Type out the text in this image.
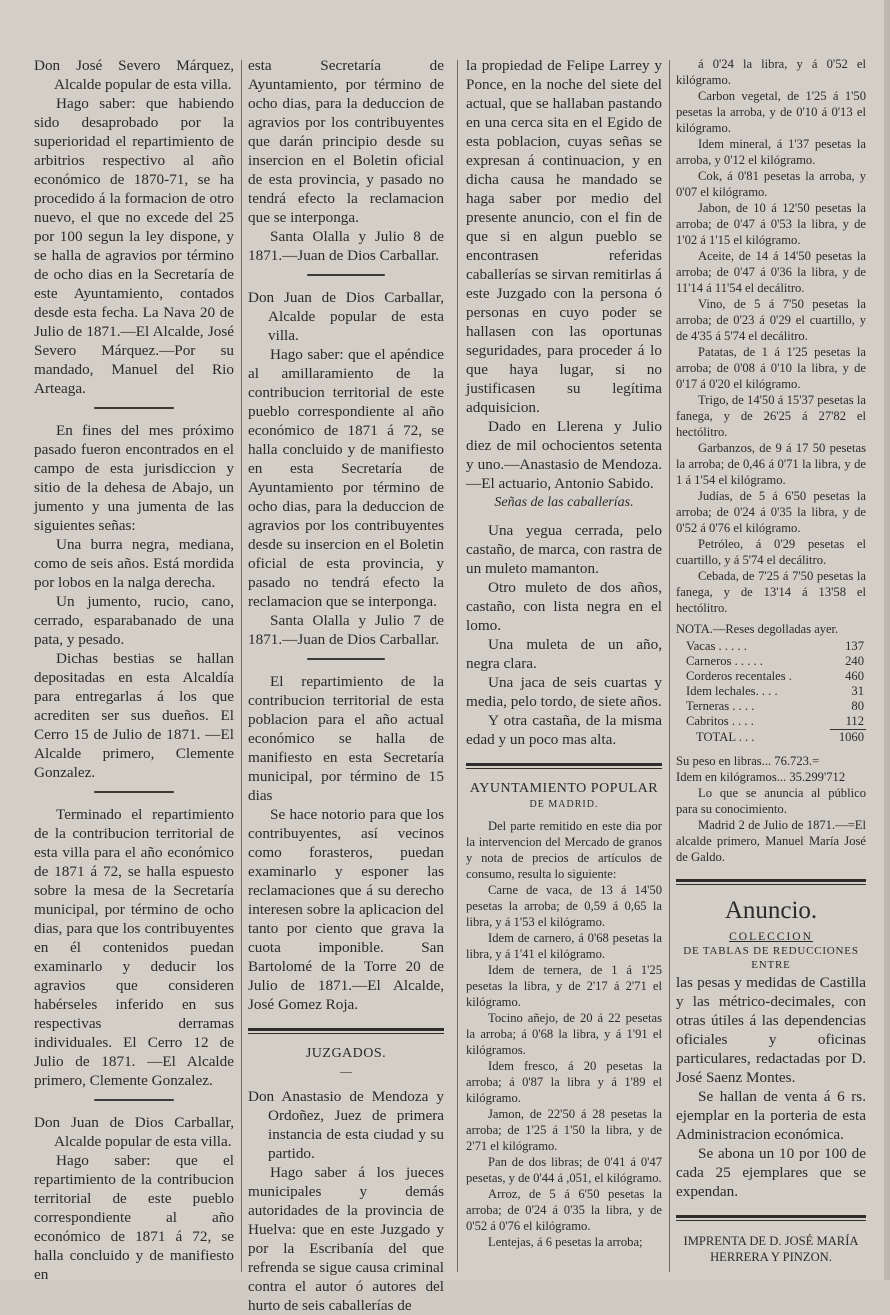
Don José Severo Márquez, Alcalde popular de esta villa.

Hago saber: que habiendo sido desaprobado por la superioridad el repartimiento de arbitrios respectivo al año económico de 1870-71, se ha procedido á la formacion de otro nuevo, el que no excede del 25 por 100 segun la ley dispone, y se halla de agravios por término de ocho dias en la Secretaría de este Ayuntamiento, contados desde esta fecha. La Nava 20 de Julio de 1871.—El Alcalde, José Severo Márquez.—Por su mandado, Manuel del Rio Arteaga.

En fines del mes próximo pasado fueron encontrados en el campo de esta jurisdiccion y sitio de la dehesa de Abajo, un jumento y una jumenta de las siguientes señas:

Una burra negra, mediana, como de seis años. Está mordida por lobos en la nalga derecha.

Un jumento, rucio, cano, cerrado, esparabanado de una pata, y pesado.

Dichas bestias se hallan depositadas en esta Alcaldía para entregarlas á los que acrediten ser sus dueños. El Cerro 15 de Julio de 1871. —El Alcalde primero, Clemente Gonzalez.

Terminado el repartimiento de la contribucion territorial de esta villa para el año económico de 1871 á 72, se halla espuesto sobre la mesa de la Secretaría municipal, por término de ocho dias, para que los contribuyentes en él contenidos puedan examinarlo y deducir los agravios que consideren habérseles inferido en sus respectivas derramas individuales. El Cerro 12 de Julio de 1871. —El Alcalde primero, Clemente Gonzalez.

Don Juan de Dios Carballar, Alcalde popular de esta villa.

Hago saber: que el repartimiento de la contribucion territorial de este pueblo correspondiente al año económico de 1871 á 72, se halla concluido y de manifiesto en

esta Secretaría de Ayuntamiento, por término de ocho dias, para la deduccion de agravios por los contribuyentes que darán principio desde su insercion en el Boletin oficial de esta provincia, y pasado no tendrá efecto la reclamacion que se interponga.

Santa Olalla y Julio 8 de 1871.—Juan de Dios Carballar.

Don Juan de Dios Carballar, Alcalde popular de esta villa.

Hago saber: que el apéndice al amillaramiento de la contribucion territorial de este pueblo correspondiente al año económico de 1871 á 72, se halla concluido y de manifiesto en esta Secretaría de Ayuntamiento por término de ocho dias, para la deduccion de agravios por los contribuyentes desde su insercion en el Boletin oficial de esta provincia, y pasado no tendrá efecto la reclamacion que se interponga.

Santa Olalla y Julio 7 de 1871.—Juan de Dios Carballar.

El repartimiento de la contribucion territorial de esta poblacion para el año actual económico se halla de manifiesto en esta Secretaría municipal, por término de 15 dias

Se hace notorio para que los contribuyentes, así vecinos como forasteros, puedan examinarlo y esponer las reclamaciones que á su derecho interesen sobre la aplicacion del tanto por ciento que grava la cuota imponible. San Bartolomé de la Torre 20 de Julio de 1871.—El Alcalde, José Gomez Roja.

JUZGADOS.
—

Don Anastasio de Mendoza y Ordoñez, Juez de primera instancia de esta ciudad y su partido.

Hago saber á los jueces municipales y demás autoridades de la provincia de Huelva: que en este Juzgado y por la Escribanía del que refrenda se sigue causa criminal contra el autor ó autores del hurto de seis caballerías de

la propiedad de Felipe Larrey y Ponce, en la noche del siete del actual, que se hallaban pastando en una cerca sita en el Egido de esta poblacion, cuyas señas se expresan á continuacion, y en dicha causa he mandado se haga saber por medio del presente anuncio, con el fin de que si en algun pueblo se encontrasen referidas caballerías se sirvan remitirlas á este Juzgado con la persona ó personas en cuyo poder se hallasen con las oportunas seguridades, para proceder á lo que haya lugar, si no justificasen su legítima adquisicion.

Dado en Llerena y Julio diez de mil ochocientos setenta y uno.—Anastasio de Mendoza.—El actuario, Antonio Sabido.

Señas de las caballerías.

Una yegua cerrada, pelo castaño, de marca, con rastra de un muleto mamanton.

Otro muleto de dos años, castaño, con lista negra en el lomo.

Una muleta de un año, negra clara.

Una jaca de seis cuartas y media, pelo tordo, de siete años.

Y otra castaña, de la misma edad y un poco mas alta.

AYUNTAMIENTO POPULAR
DE MADRID.

Del parte remitido en este dia por la intervencion del Mercado de granos y nota de precios de artículos de consumo, resulta lo siguiente:

Carne de vaca, de 13 á 14'50 pesetas la arroba; de 0,59 á 0,65 la libra, y á 1'53 el kilógramo.

Idem de carnero, á 0'68 pesetas la libra, y á 1'41 el kilógramo.

Idem de ternera, de 1 á 1'25 pesetas la libra, y de 2'17 á 2'71 el kilógramo.

Tocino añejo, de 20 á 22 pesetas la arroba; á 0'68 la libra, y á 1'91 el kilógramos.

Idem fresco, á 20 pesetas la arroba; á 0'87 la libra y á 1'89 el kilógramo.

Jamon, de 22'50 á 28 pesetas la arroba; de 1'25 á 1'50 la libra, y de 2'71 el kilógramo.

Pan de dos libras; de 0'41 á 0'47 pesetas, y de 0'44 á ,051, el kilógramo.

Arroz, de 5 á 6'50 pesetas la arroba; de 0'24 á 0'35 la libra, y de 0'52 á 0'76 el kilógramo.

Lentejas, á 6 pesetas la arroba;

á 0'24 la libra, y á 0'52 el kilógramo.

Carbon vegetal, de 1'25 á 1'50 pesetas la arroba, y de 0'10 á 0'13 el kilógramo.

Idem mineral, á 1'37 pesetas la arroba, y 0'12 el kilógramo.

Cok, á 0'81 pesetas la arroba, y 0'07 el kilógramo.

Jabon, de 10 á 12'50 pesetas la arroba; de 0'47 á 0'53 la libra, y de 1'02 á 1'15 el kilógramo.

Aceite, de 14 á 14'50 pesetas la arroba; de 0'47 á 0'36 la libra, y de 11'14 á 11'54 el decálitro.

Vino, de 5 á 7'50 pesetas la arroba; de 0'23 á 0'29 el cuartillo, y de 4'35 á 5'74 el decálitro.

Patatas, de 1 á 1'25 pesetas la arroba; de 0'08 á 0'10 la libra, y de 0'17 á 0'20 el kilógramo.

Trigo, de 14'50 á 15'37 pesetas la fanega, y de 26'25 á 27'82 el hectólitro.

Garbanzos, de 9 á 17 50 pesetas la arroba; de 0,46 á 0'71 la libra, y de 1 á 1'54 el kilógramo.

Judías, de 5 á 6'50 pesetas la arroba; de 0'24 á 0'35 la libra, y de 0'52 á 0'76 el kilógramo.

Petróleo, á 0'29 pesetas el cuartillo, y á 5'74 el decálitro.

Cebada, de 7'25 á 7'50 pesetas la fanega, y de 13'14 á 13'58 el hectólitro.

NOTA.—Reses degolladas ayer.
Vacas . . . . .	137
Carneros . . . . .	240
Corderos recentales .	460
Idem lechales. . . .	31
Terneras . . . .	80
Cabritos . . . .	112
TOTAL . . .	1060

Su peso en libras... 76.723.=

Idem en kilógramos... 35.299'712

Lo que se anuncia al público para su conocimiento.

Madrid 2 de Julio de 1871.—=El alcalde primero, Manuel María José de Galdo.

Anuncio.
COLECCION
DE TABLAS DE REDUCCIONES
ENTRE

las pesas y medidas de Castilla y las métrico-decimales, con otras útiles á las dependencias oficiales y oficinas particulares, redactadas por D. José Saenz Montes.

Se hallan de venta á 6 rs. ejemplar en la porteria de esta Administracion económica.

Se abona un 10 por 100 de cada 25 ejemplares que se expendan.

IMPRENTA DE D. JOSÉ MARÍA HERRERA Y PINZON.
